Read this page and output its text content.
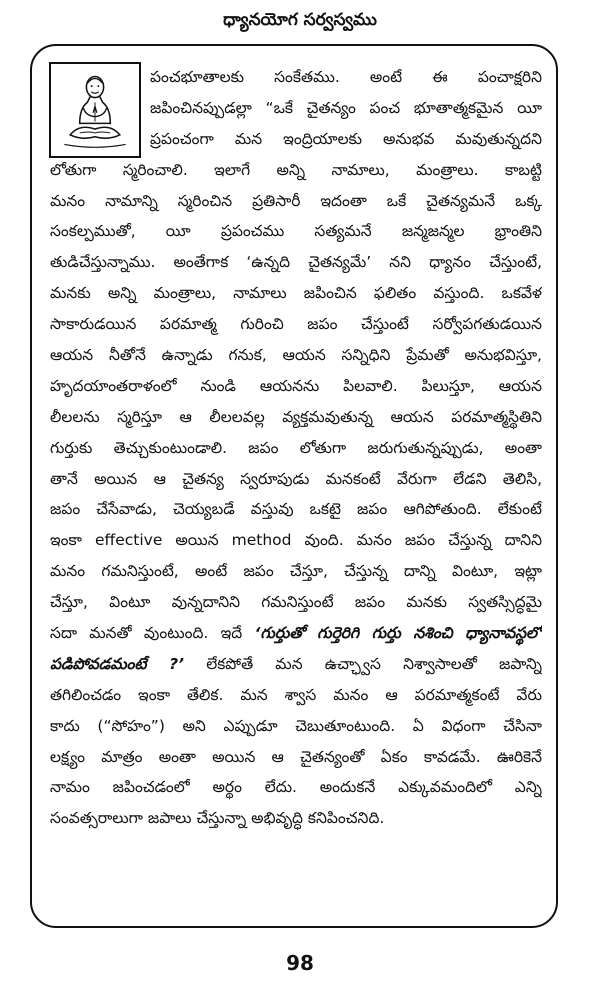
ధ్యానయోగ సర్వస్వము
పంచభూతాలకు సంకేతము. అంటే ఈ పంచాక్షరిని
జపించినప్పుడల్లా “ఒకే చైతన్యం పంచ భూతాత్మకమైన యీ
ప్రపంచంగా మన ఇంద్రియాలకు అనుభవ మవుతున్నదని
లోతుగా స్మరించాలి. ఇలాగే అన్ని నామాలు, మంత్రాలు. కాబట్టి
మనం నామాన్ని స్మరించిన ప్రతిసారీ ఇదంతా ఒకే చైతన్యమనే ఒక్క
సంకల్పముతో, యీ ప్రపంచము సత్యమనే జన్మజన్మల భ్రాంతిని
తుడిచేస్తున్నాము. అంతేగాక ‘ఉన్నది చైతన్యమే’ నని ధ్యానం చేస్తుంటే,
మనకు అన్ని మంత్రాలు, నామాలు జపించిన ఫలితం వస్తుంది. ఒకవేళ
సాకారుడయిన పరమాత్మ గురించి జపం చేస్తుంటే సర్వోపగతుడయిన
ఆయన నీతోనే ఉన్నాడు గనుక, ఆయన సన్నిధిని ప్రేమతో అనుభవిస్తూ,
హృదయాంతరాళంలో నుండి ఆయనను పిలవాలి. పిలుస్తూ, ఆయన
లీలలను స్మరిస్తూ ఆ లీలలవల్ల వ్యక్తమవుతున్న ఆయన పరమాత్మస్థితిని
గుర్తుకు తెచ్చుకుంటుండాలి. జపం లోతుగా జరుగుతున్నప్పుడు, అంతా
తానే అయిన ఆ చైతన్య స్వరూపుడు మనకంటే వేరుగా లేడని తెలిసి,
జపం చేసేవాడు, చెయ్యబడే వస్తువు ఒకటై జపం ఆగిపోతుంది. లేకుంటే
ఇంకా effective అయిన method వుంది. మనం జపం చేస్తున్న దానిని
మనం గమనిస్తుంటే, అంటే జపం చేస్తూ, చేస్తున్న దాన్ని వింటూ, ఇట్లా
చేస్తూ, వింటూ వున్నదానిని గమనిస్తుంటే జపం మనకు స్వతస్సిద్ధమై
సదా మనతో వుంటుంది. ఇదే ‘గుర్తుతో గుర్తెరిగి గుర్తు నశించి ధ్యానావస్థలో
పడిపోవడమంటే ?’ లేకపోతే మన ఉచ్ఛ్వాస నిశ్వాసాలతో జపాన్ని
తగిలించడం ఇంకా తేలిక. మన శ్వాస మనం ఆ పరమాత్మకంటే వేరు
కాదు (“సోహం”) అని ఎప్పుడూ చెబుతూంటుంది. ఏ విధంగా చేసినా
లక్ష్యం మాత్రం అంతా అయిన ఆ చైతన్యంతో ఏకం కావడమే. ఊరికెనే
నామం జపించడంలో అర్థం లేదు. అందుకనే ఎక్కువమందిలో ఎన్ని
సంవత్సరాలుగా జపాలు చేస్తున్నా అభివృద్ధి కనిపించనిది.
98
